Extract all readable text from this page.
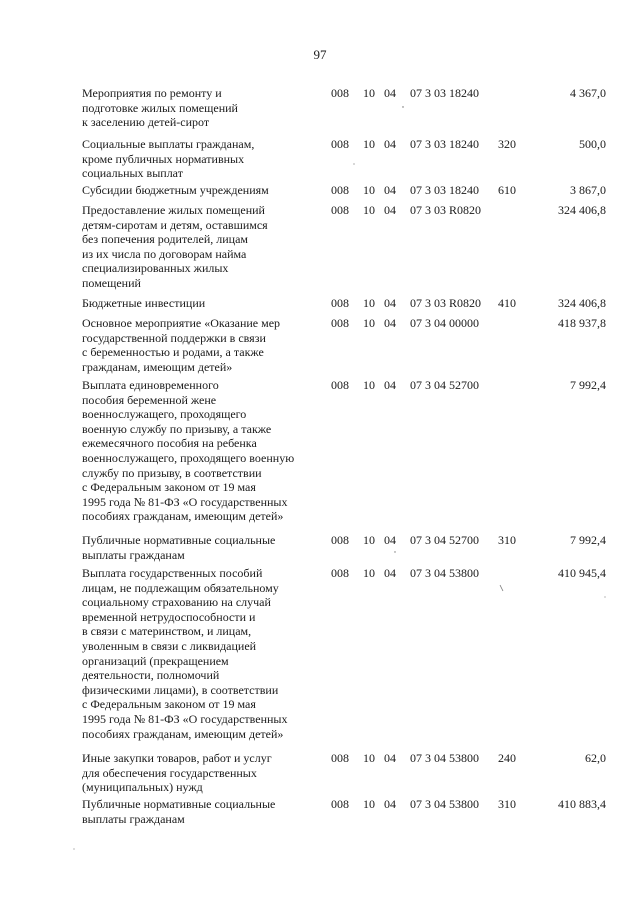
97
Мероприятия по ремонту и
подготовке жилых помещений
к заселению детей-сирот
008 10 04 07 3 03 18240	4 367,0
Социальные выплаты гражданам,
кроме публичных нормативных
социальных выплат
008 10 04 07 3 03 18240 320	500,0
Субсидии бюджетным учреждениям	008 10 04 07 3 03 18240 610	3 867,0
Предоставление жилых помещений
детям-сиротам и детям, оставшимся
без попечения родителей, лицам
из их числа по договорам найма
специализированных жилых
помещений
008 10 04 07 3 03 R0820	324 406,8
Бюджетные инвестиции	008 10 04 07 3 03 R0820 410	324 406,8
Основное мероприятие «Оказание мер
государственной поддержки в связи
с беременностью и родами, а также
гражданам, имеющим детей»
008 10 04 07 3 04 00000	418 937,8
Выплата единовременного
пособия беременной жене
военнослужащего, проходящего
военную службу по призыву, а также
ежемесячного пособия на ребенка
военнослужащего, проходящего военную
службу по призыву, в соответствии
с Федеральным законом от 19 мая
1995 года № 81-ФЗ «О государственных
пособиях гражданам, имеющим детей»
008 10 04 07 3 04 52700	7 992,4
Публичные нормативные социальные
выплаты гражданам
008 10 04 07 3 04 52700 310	7 992,4
Выплата государственных пособий
лицам, не подлежащим обязательному
социальному страхованию на случай
временной нетрудоспособности и
в связи с материнством, и лицам,
уволенным в связи с ликвидацией
организаций (прекращением
деятельности, полномочий
физическими лицами), в соответствии
с Федеральным законом от 19 мая
1995 года № 81-ФЗ «О государственных
пособиях гражданам, имеющим детей»
008 10 04 07 3 04 53800	410 945,4
Иные закупки товаров, работ и услуг
для обеспечения государственных
(муниципальных) нужд
008 10 04 07 3 04 53800 240	62,0
Публичные нормативные социальные
выплаты гражданам
008 10 04 07 3 04 53800 310	410 883,4
